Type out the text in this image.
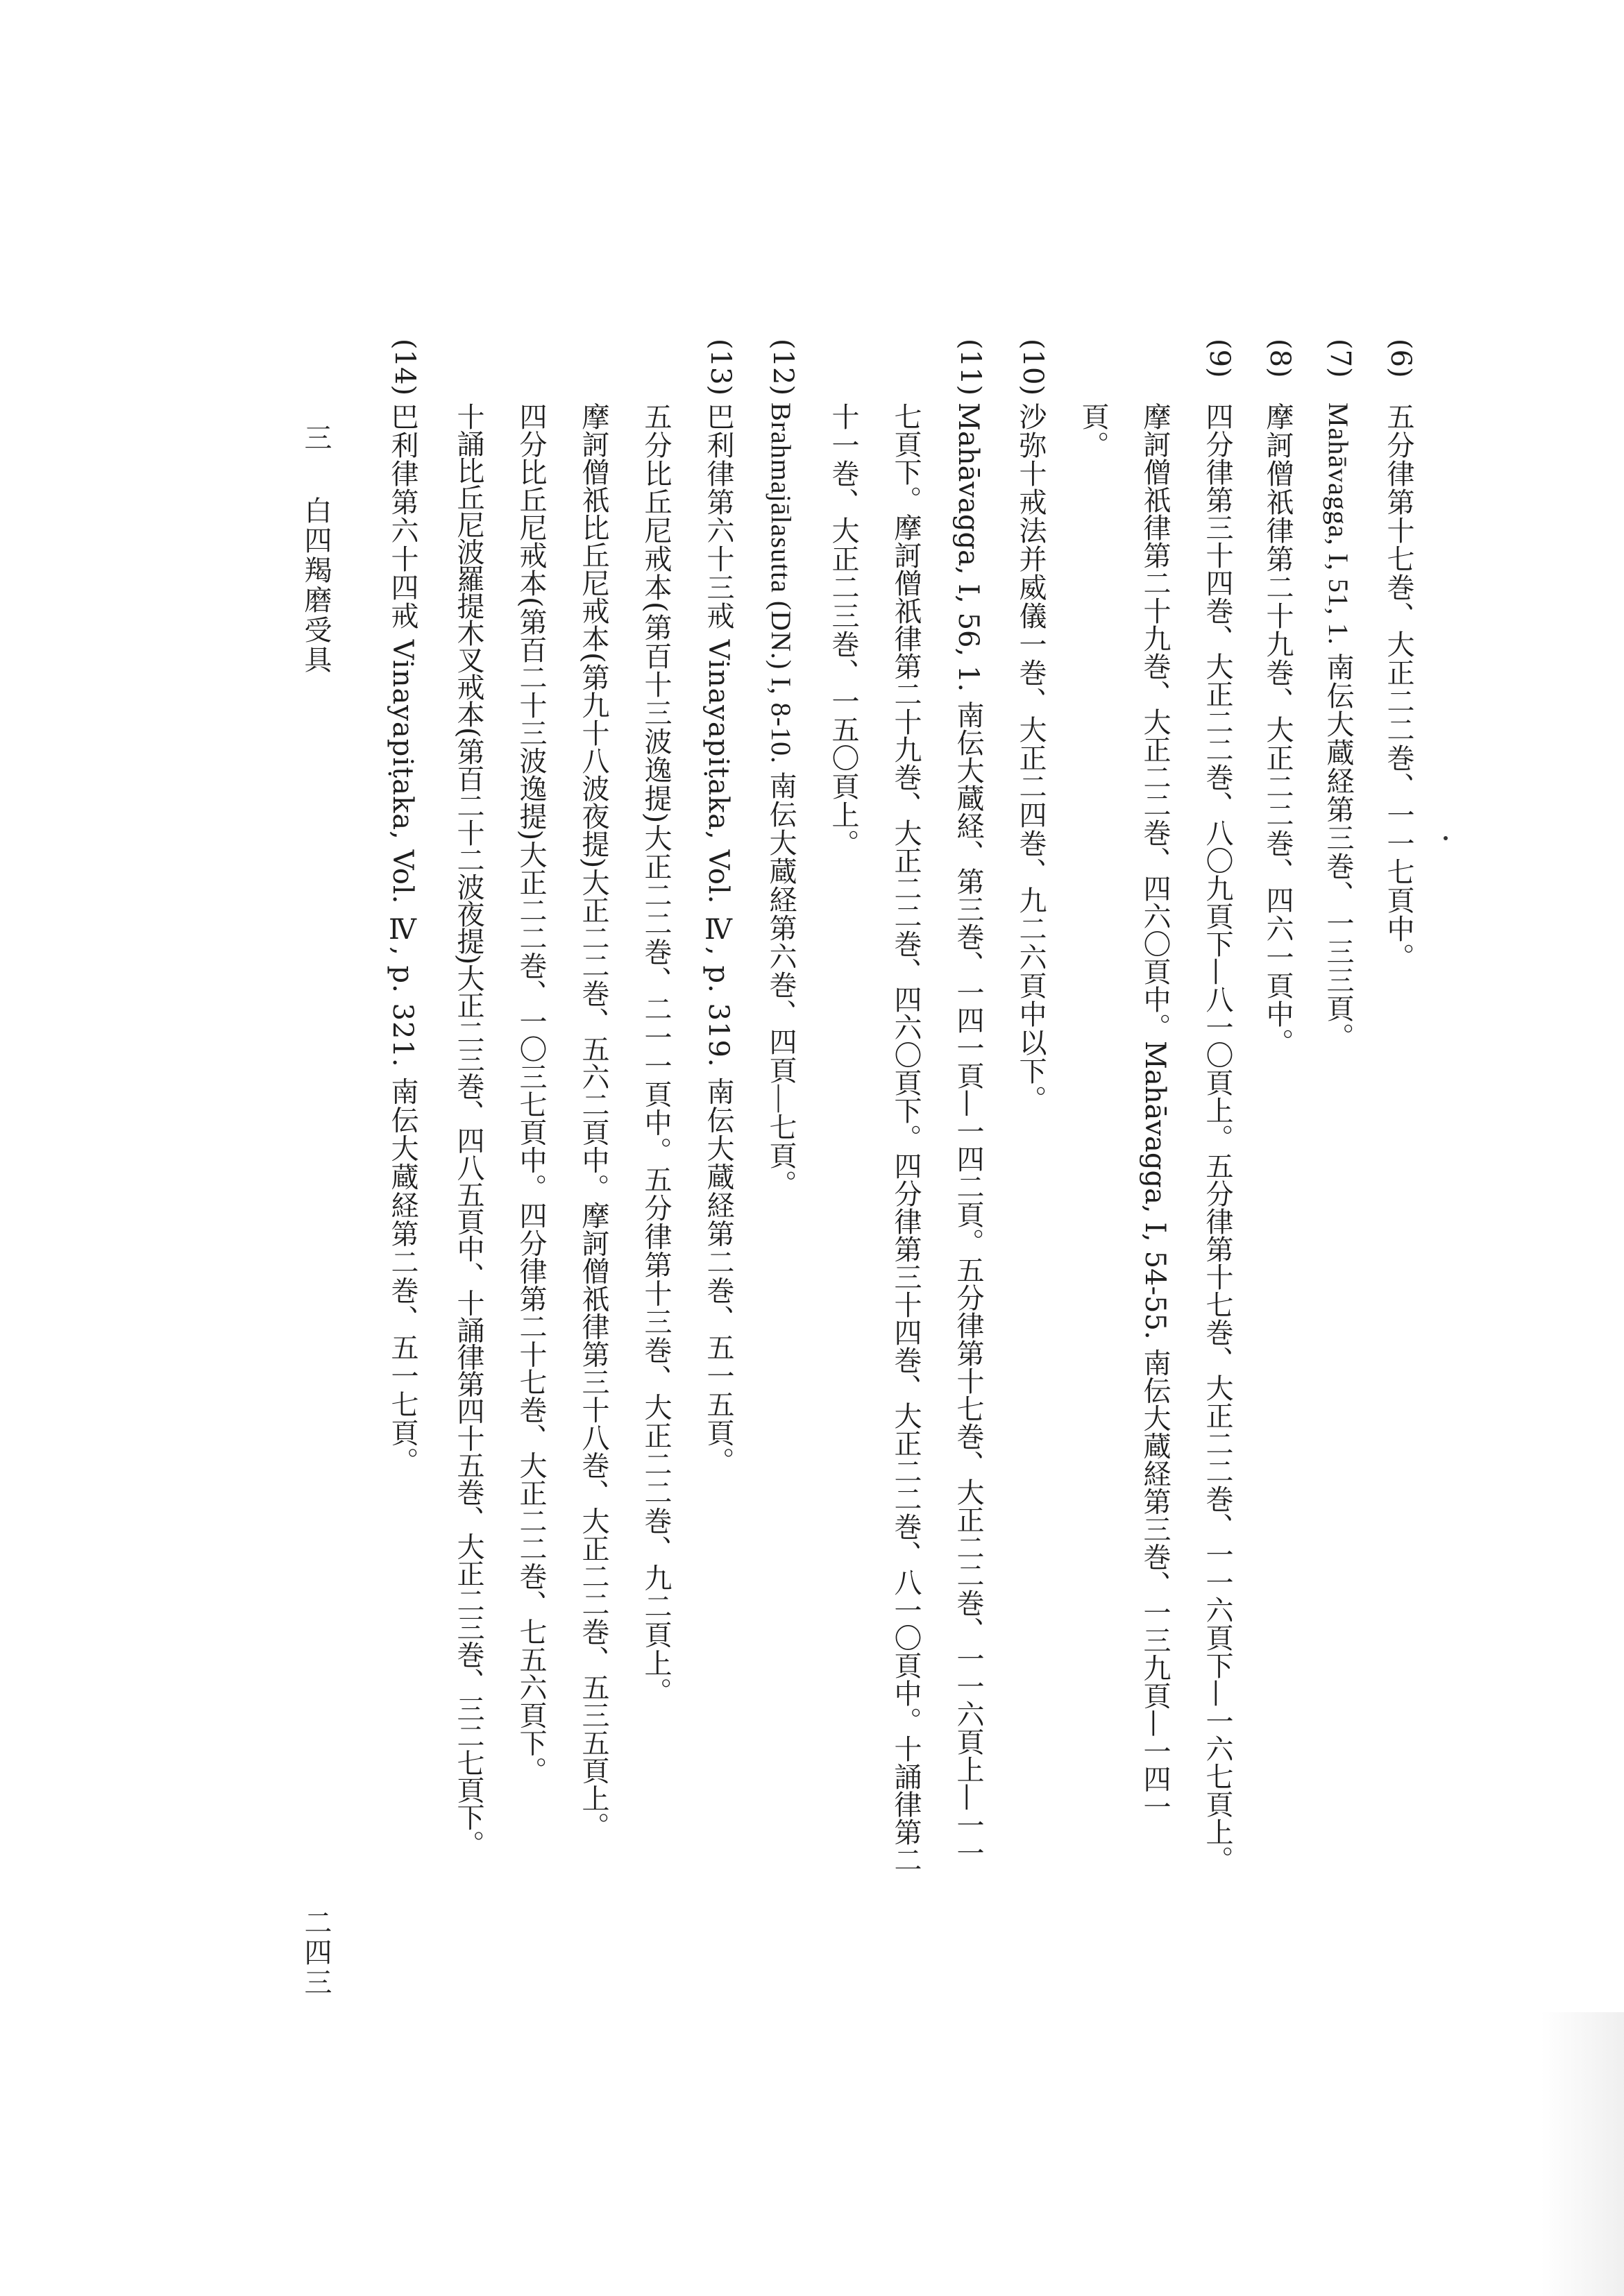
(6)
五分律第十七巻、大正二二巻、一一七頁中。
(7)
Mahāvagga, I, 51, 1. 南伝大蔵経第三巻、一三三頁。
(8)
摩訶僧祇律第二十九巻、大正二二巻、四六一頁中。
(9)
四分律第三十四巻、大正二二巻、八〇九頁下—八一〇頁上。五分律第十七巻、大正二二巻、一一六頁下—一六七頁上。
摩訶僧祇律第二十九巻、大正二二巻、四六〇頁中。Mahāvagga, I, 54-55. 南伝大蔵経第三巻、一三九頁—一四一
頁。
(10)
沙弥十戒法并威儀一巻、大正二四巻、九二六頁中以下。
(11)
Mahāvagga, I, 56, 1. 南伝大蔵経、第三巻、一四一頁—一四二頁。五分律第十七巻、大正二二巻、一一六頁上—一一
七頁下。摩訶僧祇律第二十九巻、大正二二巻、四六〇頁下。四分律第三十四巻、大正二二巻、八一〇頁中。十誦律第二
十一巻、大正二三巻、一五〇頁上。
(12)
Brahmajālasutta (DN.) I, 8-10. 南伝大蔵経第六巻、四頁—七頁。
(13)
巴利律第六十三戒 Vinayapiṭaka, Vol. Ⅳ, p. 319. 南伝大蔵経第二巻、五一五頁。
五分比丘尼戒本(第百十三波逸提)大正二二巻、二一一頁中。五分律第十三巻、大正二二巻、九二頁上。
摩訶僧祇比丘尼戒本(第九十八波夜提)大正二二巻、五六二頁中。摩訶僧祇律第三十八巻、大正二二巻、五三五頁上。
四分比丘尼戒本(第百二十三波逸提)大正二二巻、一〇三七頁中。四分律第二十七巻、大正二二巻、七五六頁下。
十誦比丘尼波羅提木叉戒本(第百二十二波夜提)大正二三巻、四八五頁中、十誦律第四十五巻、大正二三巻、三二七頁下。
(14)
巴利律第六十四戒 Vinayapiṭaka, Vol. Ⅳ, p. 321. 南伝大蔵経第二巻、五一七頁。
三
白四羯磨受具
二四三
